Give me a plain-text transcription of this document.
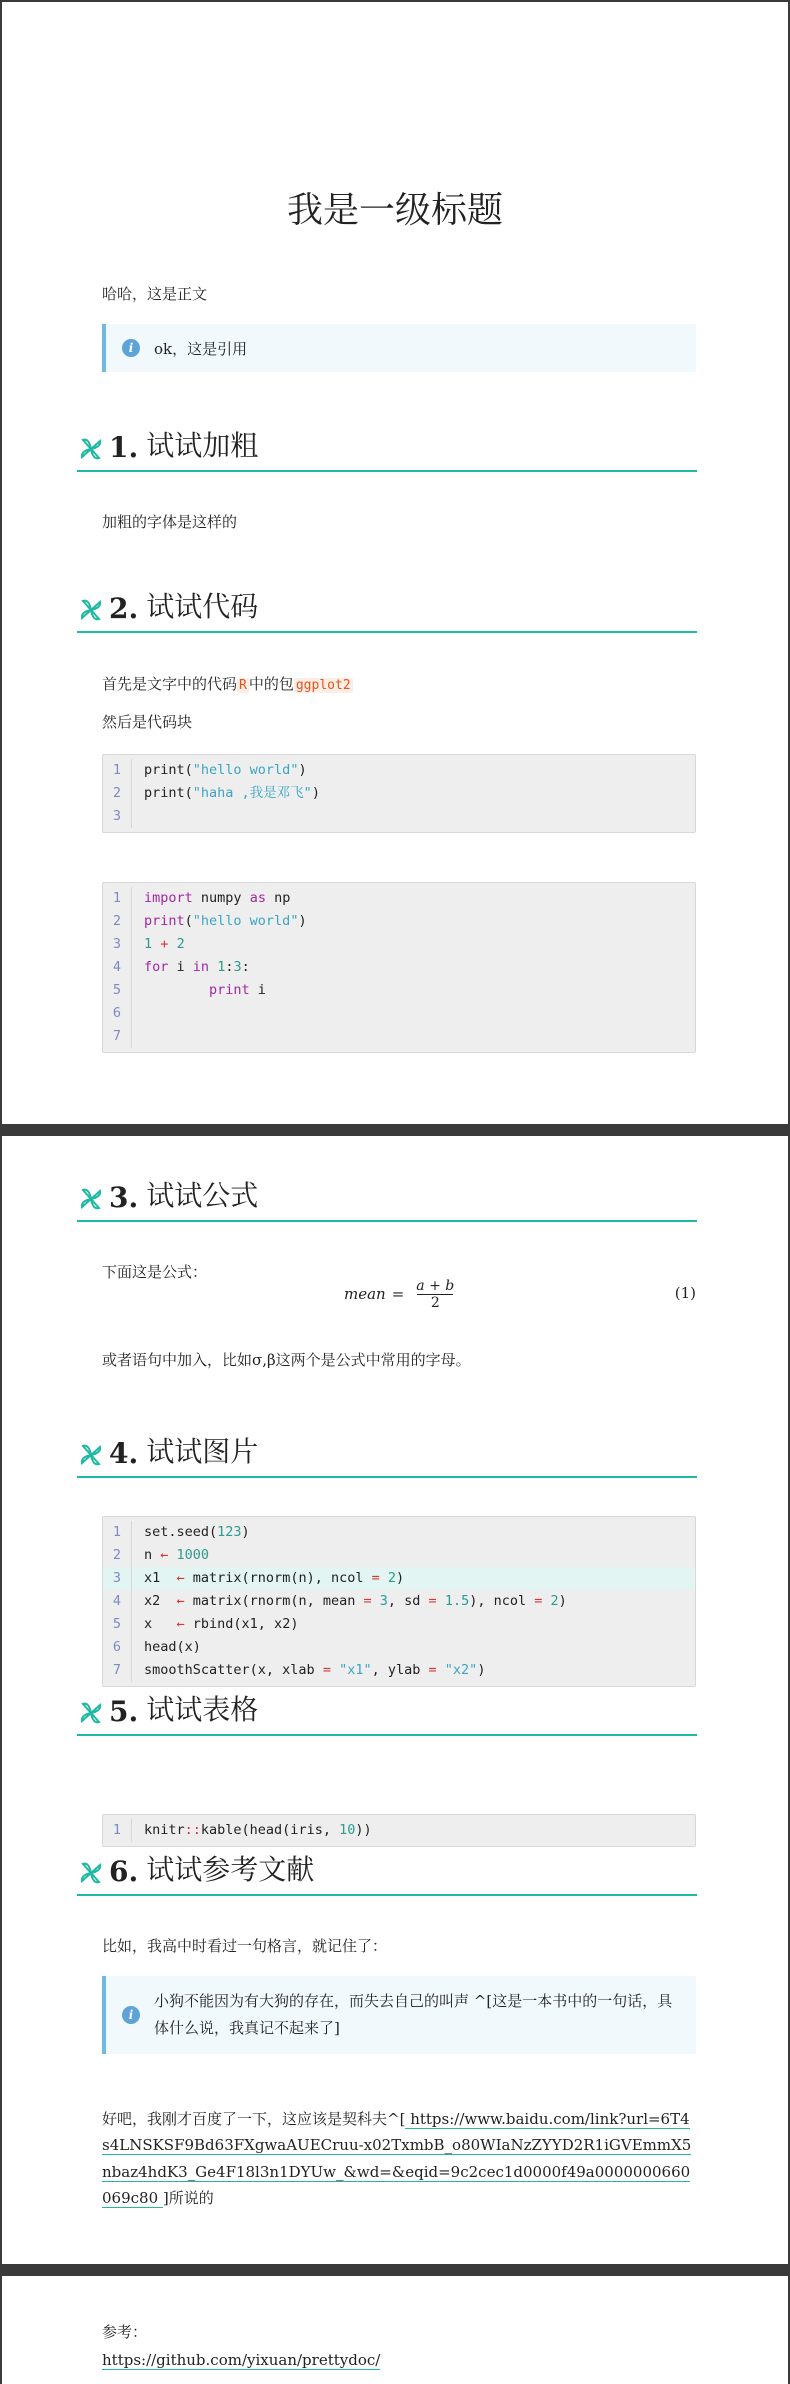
我是一级标题

哈哈，这是正文

i	ok，这是引用
1. 试试加粗

加粗的字体是这样的

2. 试试代码

首先是文字中的代码 R 中的包 ggplot2

然后是代码块

1	print("hello world")
2	print("haha ,我是邓飞")
3
1	import numpy as np
2	print("hello world")
3	1 + 2
4	for i in 1:3:
5	print i
6
7
3. 试试公式

下面这是公式：

mean = $\frac{a + b}{2}$	(1)

或者语句中加入，比如σ,β这两个是公式中常用的字母。

4. 试试图片
1	set.seed(123)
2	n ← 1000
3	x1  ← matrix(rnorm(n), ncol = 2)
4	x2  ← matrix(rnorm(n, mean = 3, sd = 1.5), ncol = 2)
5	x   ← rbind(x1, x2)
6	head(x)
7	smoothScatter(x, xlab = "x1", ylab = "x2")
5. 试试表格
1	knitr::kable(head(iris, 10))
6. 试试参考文献

比如，我高中时看过一句格言，就记住了：

i
小狗不能因为有大狗的存在，而失去自己的叫声 ^[这是一本书中的一句话，具体什么说，我真记不起来了]

好吧，我刚才百度了一下，这应该是契科夫^[ https://www.baidu.com/link?url=6T4s4LNSKSF9Bd63FXgwaAUECruu-x02TxmbB_o80WIaNzZYYD2R1iGVEmmX5nbaz4hdK3_Ge4F18l3n1DYUw_&wd=&eqid=9c2cec1d0000f49a0000000660069c80 ]所说的

参考：

https://github.com/yixuan/prettydoc/
